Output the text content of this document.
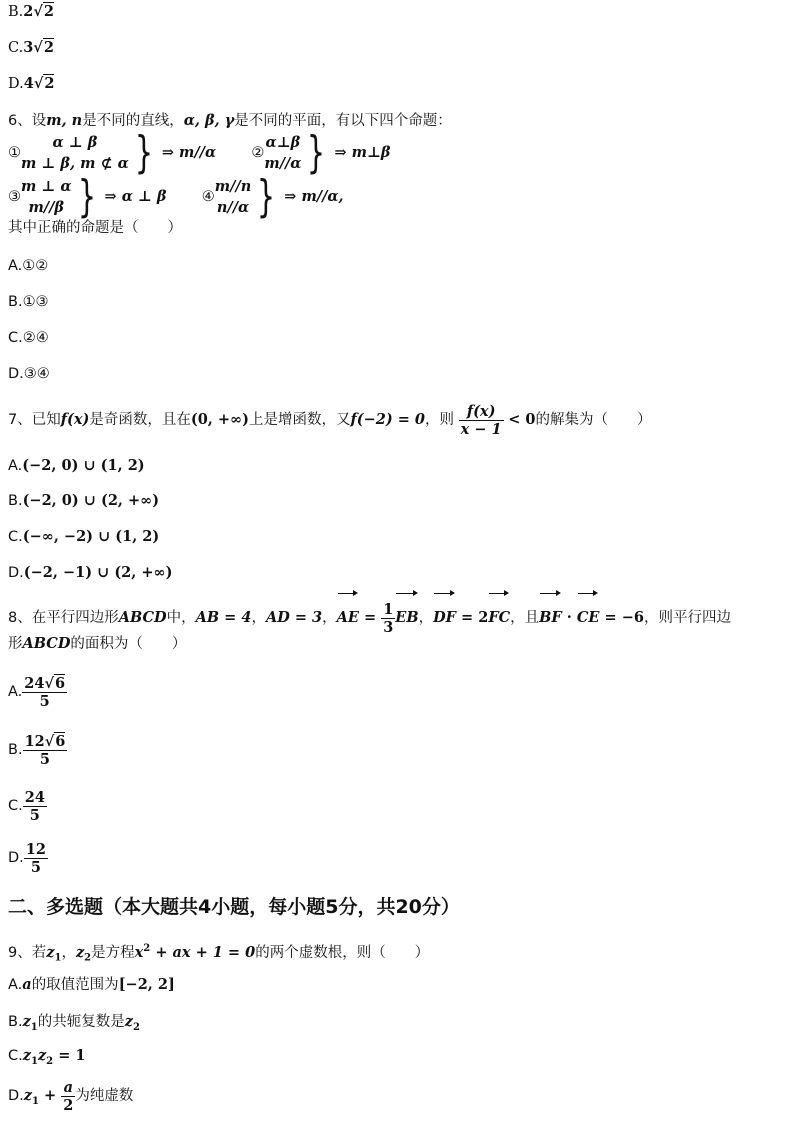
B.2√2
C.3√2
D.4√2
6、设m, n是不同的直线，α, β, γ是不同的平面，有以下四个命题：
①
α ⊥ β
m ⊥ β, m ⊄ α } ⇒ m//α ②
α⊥β
m//α } ⇒ m⊥β
③
m ⊥ α
m//β } ⇒ α ⊥ β ④
m//n
n//α } ⇒ m//α,
其中正确的命题是（　　）
A.①②
B.①③
C.②④
D.③④
7、已知f(x)是奇函数，且在(0, +∞)上是增函数，又f(−2) = 0，则 $\frac{f(x)}{x - 1} < 0$的解集为（　　）
A.(−2, 0) ∪ (1, 2)
B.(−2, 0) ∪ (2, +∞)
C.(−∞, −2) ∪ (1, 2)
D.(−2, −1) ∪ (2, +∞)
8、在平行四边形ABCD中，AB = 4，AD = 3，AE = $\frac{1}{3}$ EB，DF = 2FC，且BF · CE = −6，则平行四边
形ABCD的面积为（　　）
A. $\frac{24√6}{5}$
B. $\frac{12√6}{5}$
C. $\frac{24}{5}$
D. $\frac{12}{5}$
二、多选题（本大题共4小题，每小题5分，共20分）
9、若$z_1$，$z_2$是方程$x^2$ + ax + 1 = 0的两个虚数根，则（　　）
A.a的取值范围为[−2, 2]
$B.z_1$的共轭复数是$z_2$
$C.z_1z_2 = 1$
$D.z_1 + \frac{a}{2}$ 为纯虚数
